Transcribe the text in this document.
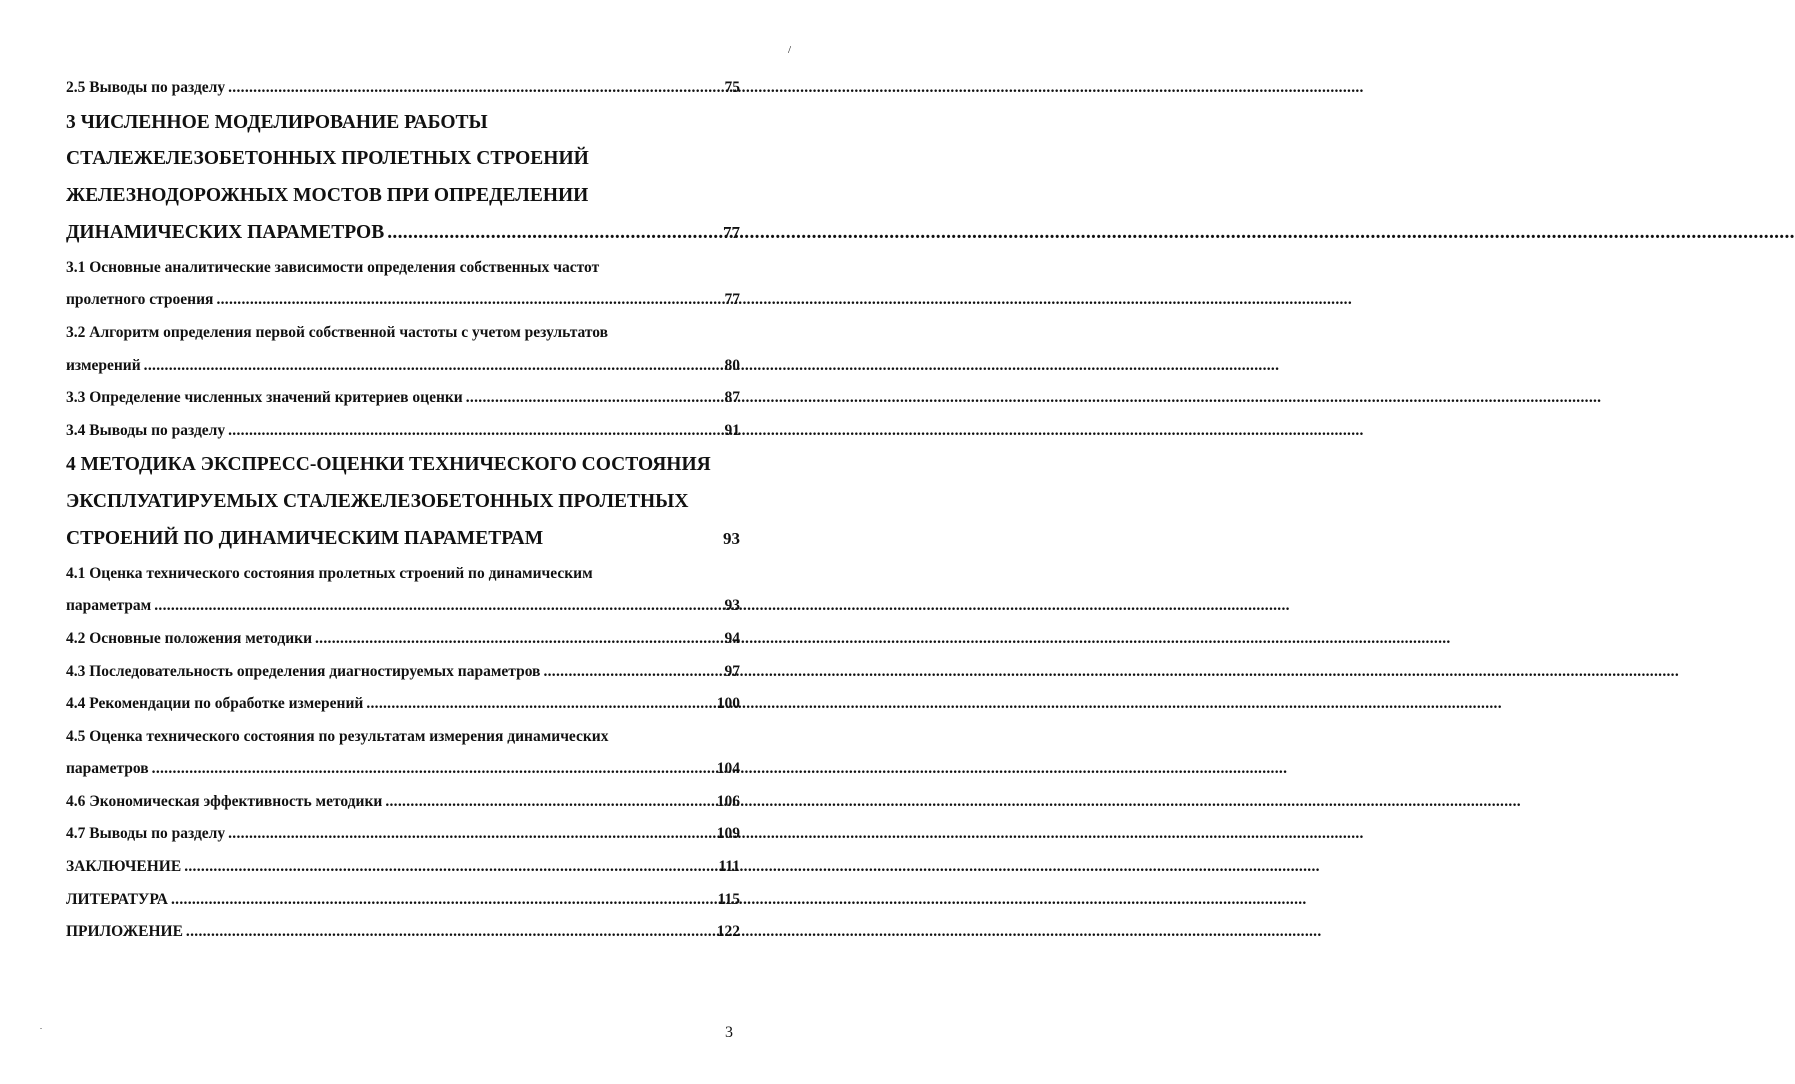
/
2.5 Выводы по разделу .....	75
3 ЧИСЛЕННОЕ МОДЕЛИРОВАНИЕ РАБОТЫ
СТАЛЕЖЕЛЕЗОБЕТОННЫХ ПРОЛЕТНЫХ СТРОЕНИЙ
ЖЕЛЕЗНОДОРОЖНЫХ МОСТОВ ПРИ ОПРЕДЕЛЕНИИ
ДИНАМИЧЕСКИХ ПАРАМЕТРОВ .....	77
3.1 Основные аналитические зависимости определения собственных частот
пролетного строения .....	77
3.2 Алгоритм определения первой собственной частоты с учетом результатов
измерений .....	80
3.3 Определение численных значений критериев оценки .....	87
3.4 Выводы по разделу .....	91
4 МЕТОДИКА ЭКСПРЕСС-ОЦЕНКИ ТЕХНИЧЕСКОГО СОСТОЯНИЯ
ЭКСПЛУАТИРУЕМЫХ СТАЛЕЖЕЛЕЗОБЕТОННЫХ ПРОЛЕТНЫХ
СТРОЕНИЙ ПО ДИНАМИЧЕСКИМ ПАРАМЕТРАМ	93
4.1 Оценка технического состояния пролетных строений по динамическим
параметрам .....	93
4.2 Основные положения методики .....	94
4.3 Последовательность определения диагностируемых параметров .....	97
4.4 Рекомендации по обработке измерений .....	100
4.5 Оценка технического состояния по результатам измерения динамических
параметров .....	104
4.6 Экономическая эффективность методики .....	106
4.7 Выводы по разделу .....	109
ЗАКЛЮЧЕНИЕ .....	111
ЛИТЕРАТУРА .....	115
ПРИЛОЖЕНИЕ .....	122
.	3
